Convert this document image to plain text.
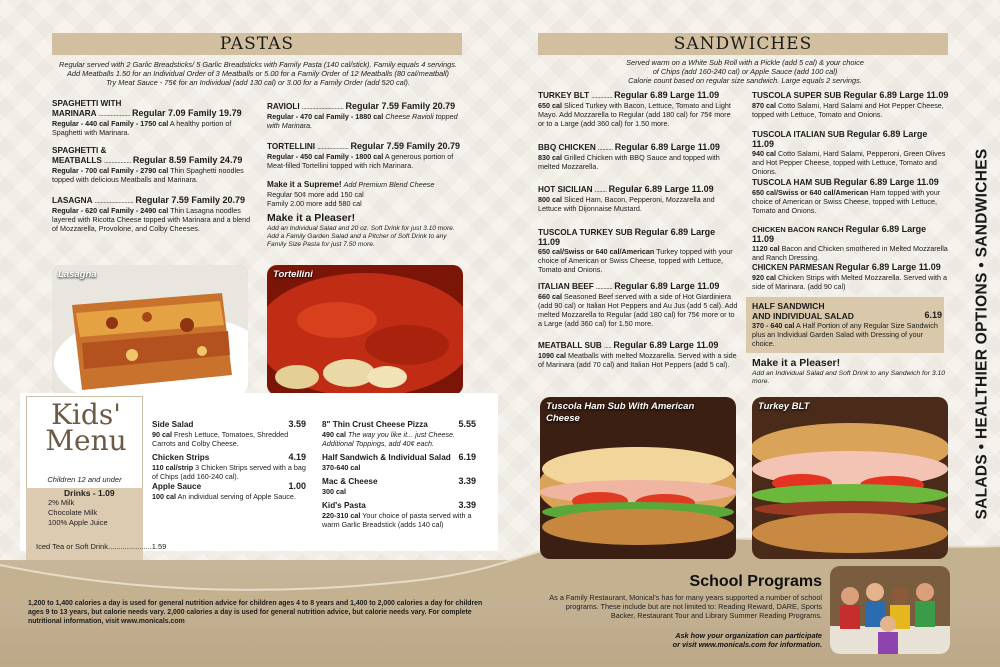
PASTAS
Regular served with 2 Garlic Breadsticks/ 5 Garlic Breadsticks with Family Pasta (140 cal/stick). Family equals 4 servings.
Add Meatballs 1.50 for an Individual Order of 3 Meatballs or 5.00 for a Family Order of 12 Meatballs (80 cal/meatball)
Try Meat Sauce - 75¢ for an Individual (add 130 cal) or 3.00 for a Family Order (add 520 cal).
SPAGHETTI WITH
MARINARA ..................... Regular 7.09 Family 19.79
Regular - 440 cal Family - 1750 cal A healthy portion of Spaghetti with Marinara.
SPAGHETTI &
MEATBALLS .................. Regular 8.59 Family 24.79
Regular - 700 cal Family - 2790 cal Thin Spaghetti noodles topped with delicious Meatballs and Marinara.
LASAGNA .......................... Regular 7.59 Family 20.79
Regular - 620 cal Family - 2490 cal Thin Lasagna noodles layered with Ricotta Cheese topped with Marinara and a blend of Mozzarella, Provolone, and Colby Cheeses.
RAVIOLI ............................ Regular 7.59 Family 20.79
Regular - 470 cal Family - 1880 cal Cheese Ravioli topped with Marinara.
TORTELLINI ..................... Regular 7.59 Family 20.79
Regular - 450 cal Family - 1800 cal A generous portion of Meat-filled Tortellini topped with rich Marinara.
Make it a Supreme! Add Premium Blend Cheese
Regular 50¢ more add 150 cal
Family 2.00 more add 580 cal
Make it a Pleaser!
Add an Individual Salad and 20 oz. Soft Drink for just 3.10 more. Add a Family Garden Salad and a Pitcher of Soft Drink to any Family Size Pasta for just 7.50 more.
Lasagna	Tortellini
Kids'
Menu
Children 12 and under
Drinks - 1.09
2% Milk
Chocolate Milk
100% Apple Juice
Iced Tea or Soft Drink.....................1.59
Side Salad	3.59
90 cal Fresh Lettuce, Tomatoes, Shredded Carrots and Colby Cheese.
Chicken Strips	4.19
110 cal/strip 3 Chicken Strips served with a bag of Chips (add 160-240 cal).
Apple Sauce	1.00
100 cal An individual serving of Apple Sauce.
8" Thin Crust Cheese Pizza	5.55
490 cal The way you like it... just Cheese. Additional Toppings, add 40¢ each.
Half Sandwich & Individual Salad 6.19
370-640 cal
Mac & Cheese	3.39
300 cal
Kid's Pasta	3.39
220-310 cal Your choice of pasta served with a warm Garlic Breadstick (adds 140 cal)
1,200 to 1,400 calories a day is used for general nutrition advice for children ages 4 to 8 years and 1,400 to 2,000 calories a day for children ages 9 to 13 years, but calorie needs vary. 2,000 calories a day is used for general nutrition advice, but calorie needs vary. For complete nutritional information, visit www.monicals.com
SANDWICHES
Served warm on a White Sub Roll with a Pickle (add 5 cal) & your choice
of Chips (add 160-240 cal) or Apple Sauce (add 100 cal)
Calorie count based on regular size sandwich. Large equals 2 servings.
TURKEY BLT .............. Regular 6.89 Large 11.09
650 cal Sliced Turkey with Bacon, Lettuce, Tomato and Light Mayo. Add Mozzarella to Regular (add 180 cal) for 75¢ more or to a Large (add 360 cal) for 1.50 more.
BBQ CHICKEN .......... Regular 6.89 Large 11.09
830 cal Grilled Chicken with BBQ Sauce and topped with melted Mozzarella.
HOT SICILIAN ........ Regular 6.89 Large 11.09
800 cal Sliced Ham, Bacon, Pepperoni, Mozzarella and Lettuce with Dijonnaise Mustard.
TUSCOLA TURKEY SUB Regular 6.89 Large 11.09
650 cal/Swiss or 640 cal/American Turkey topped with your choice of American or Swiss Cheese, topped with Lettuce, Tomato and Onions.
ITALIAN BEEF ........... Regular 6.89 Large 11.09
660 cal Seasoned Beef served with a side of Hot Giardiniera (add 90 cal) or Italian Hot Peppers and Au Jus (add 5 cal). Add melted Mozzarella to Regular (add 180 cal) for 75¢ more or to a Large (add 360 cal) for 1.50 more.
MEATBALL SUB ..... Regular 6.89 Large 11.09
1090 cal Meatballs with melted Mozzarella. Served with a side of Marinara (add 70 cal) and Italian Hot Peppers (add 5 cal).
TUSCOLA SUPER SUB Regular 6.89 Large 11.09
870 cal Cotto Salami, Hard Salami and Hot Pepper Cheese, topped with Lettuce, Tomato and Onions.
TUSCOLA ITALIAN SUB Regular 6.89 Large 11.09
940 cal Cotto Salami, Hard Salami, Pepperoni, Green Olives and Hot Pepper Cheese, topped with Lettuce, Tomato and Onions.
TUSCOLA HAM SUB Regular 6.89 Large 11.09
650 cal/Swiss or 640 cal/American Ham topped with your choice of American or Swiss Cheese, topped with Lettuce, Tomato and Onions.
CHICKEN BACON RANCH Regular 6.89 Large 11.09
1120 cal Bacon and Chicken smothered in Melted Mozzarella and Ranch Dressing.
CHICKEN PARMESAN Regular 6.89 Large 11.09
920 cal Chicken Strips with Melted Mozzarella. Served with a side of Marinara. (add 90 cal)
HALF SANDWICH
AND INDIVIDUAL SALAD	6.19
370 - 640 cal A Half Portion of any Regular Size Sandwich plus an Individual Garden Salad with Dressing of your choice.
Make it a Pleaser!
Add an Individual Salad and Soft Drink to any Sandwich for 3.10 more.
Tuscola Ham Sub With American Cheese
Turkey BLT
School Programs
As a Family Restaurant, Monical's has for many years supported a number of school programs. These include but are not limited to: Reading Reward, DARE, Sports Backer, Restaurant Tour and Library Summer Reading Programs.
Ask how your organization can participate
or visit www.monicals.com for information.
SALADS • HEALTHIER OPTIONS • SANDWICHES
